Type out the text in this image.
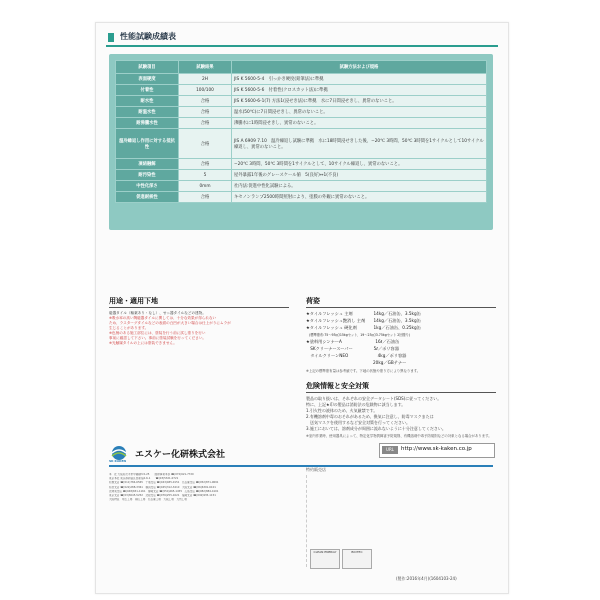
性能試験成績表
試験項目	試験結果	試験方法および規格
表面硬度	2H	JIS K 5600-5-4　引っかき硬度(鉛筆法)に準拠
付着性	100/100	JIS K 5600-5-6　付着性(クロスカット法)に準拠
耐水性	合格	JIS K 5600-6-1(7) 方法1(浸せき法)に準拠　水に7日間浸せきし、異常のないこと。
耐温水性	合格	温水(50℃)に7日間浸せきし、異常のないこと。
耐沸騰水性	合格	沸騰水に1時間浸せきし、異常のないこと。
温冷繰返し作用に対する抵抗性	合格	JIS A 6909 7.10　温冷繰返し試験に準拠　水に18時間浸せきした後、−20℃ 3時間、50℃ 3時間を1サイクルとして10サイクル繰返し、異常のないこと。
凍結融解	合格	−20℃ 3時間、50℃ 3時間を1サイクルとして、10サイクル繰返し、異常のないこと。
耐汚染性	5	屋外暴露1年後のグレースケール値　5(良好)↔1(不良)
中性化深さ	0mm	社内法:促進中性化試験による。
促進耐候性	合格	キセノンランプ2500時間照射により、塗膜の外観に異常のないこと。
用途・適用下地
磁器タイル（釉薬あり・なし）、せっ器タイルなどの建物。
※吸水率の高い陶磁器タイルに関しては、十分な効果が得られない
ため、ラスターグタイルなどの表面の凸凹が大きい場合は仕上がりにムラが
生じることがあります。
※色柄のある施工部位には、塗装を行う前に試し塗りを行い
事前に確認して下さい。事前に塗装試験を行ってください。
※光触媒タイルの上には塗装できません。
荷姿
★タイルフレッシュ 主剤　　　　　14kg／石油缶、3.5kg缶
★タイルフレッシュ艶消し 主剤　　14kg／石油缶、3.5kg缶
★タイルフレッシュ 硬化剤　　　　1kg／石油缶、0.25kg缶
　(標準塗布:75〜93㎡/15kgセット、19〜23㎡/3.75kgセット 2回塗り)
★塗料用シンナーA　　　　　　　　16ℓ／石油缶
　SKクリーナースーパー　　　　　5ℓ／ポリ容器
　タイルクリーンNEO　　　　　　　4kg／ポリ容器
　　　　　　　　　　　　　　　　20kg／GBテナー
※上記の標準塗布量は参考値です。下地の状態や塗り方により異なります。
危険情報と安全対策
製品の取り扱いは、それぞれの安全データシート(SDS)に従ってください。
特に、上記★印の製品は消防法の危険物に該当します。
1.引火性の液体のため、火気厳禁です。
2.有機溶剤中毒のおそれがあるため、換気に注意し、防毒マスクまたは
　送気マスクを使用するなど安全対策を行ってください。
3.施工においては、溶剤成分が周囲に流れないように十分注意してください。
※室内作業時、使用器具によって、特定化学物質障害予防規則、有機溶剤中毒予防規則などの対象となる場合があります。
SK KAKEN
エスケー化研株式会社
URL	http://www.sk-kaken.co.jp
特約販売店
本　社 大阪府茨木市中穂積3-5-25　　国際事業本部 ☎(072)621-7720
東京本社 東京都新宿区西新宿2-6-1　　☎(03)5321-0721
札幌支店 ☎(011)784-6565　千葉支店 ☎(043)485-0151　名古屋支店 ☎(052)871-9691
仙台支店 ☎(022)288-3361　横浜支店 ☎(045)312-3410　大阪支店 ☎(06)6391-6101
北関東支店 ☎(048)651-1161　静岡支店 ☎(054)265-1455　広島支店 ☎(082)884-4101
東京支店 ☎(03)3645-5252　北陸支店 ☎(076)255-1621　福岡支店 ☎(092)935-1151
大阪物流　埼玉工場　岡山工場　名古屋工場　大阪工場　九州工場
CLEAN ENERGY	BIOTEC
(製作:2016年4月)(1604103-24)
